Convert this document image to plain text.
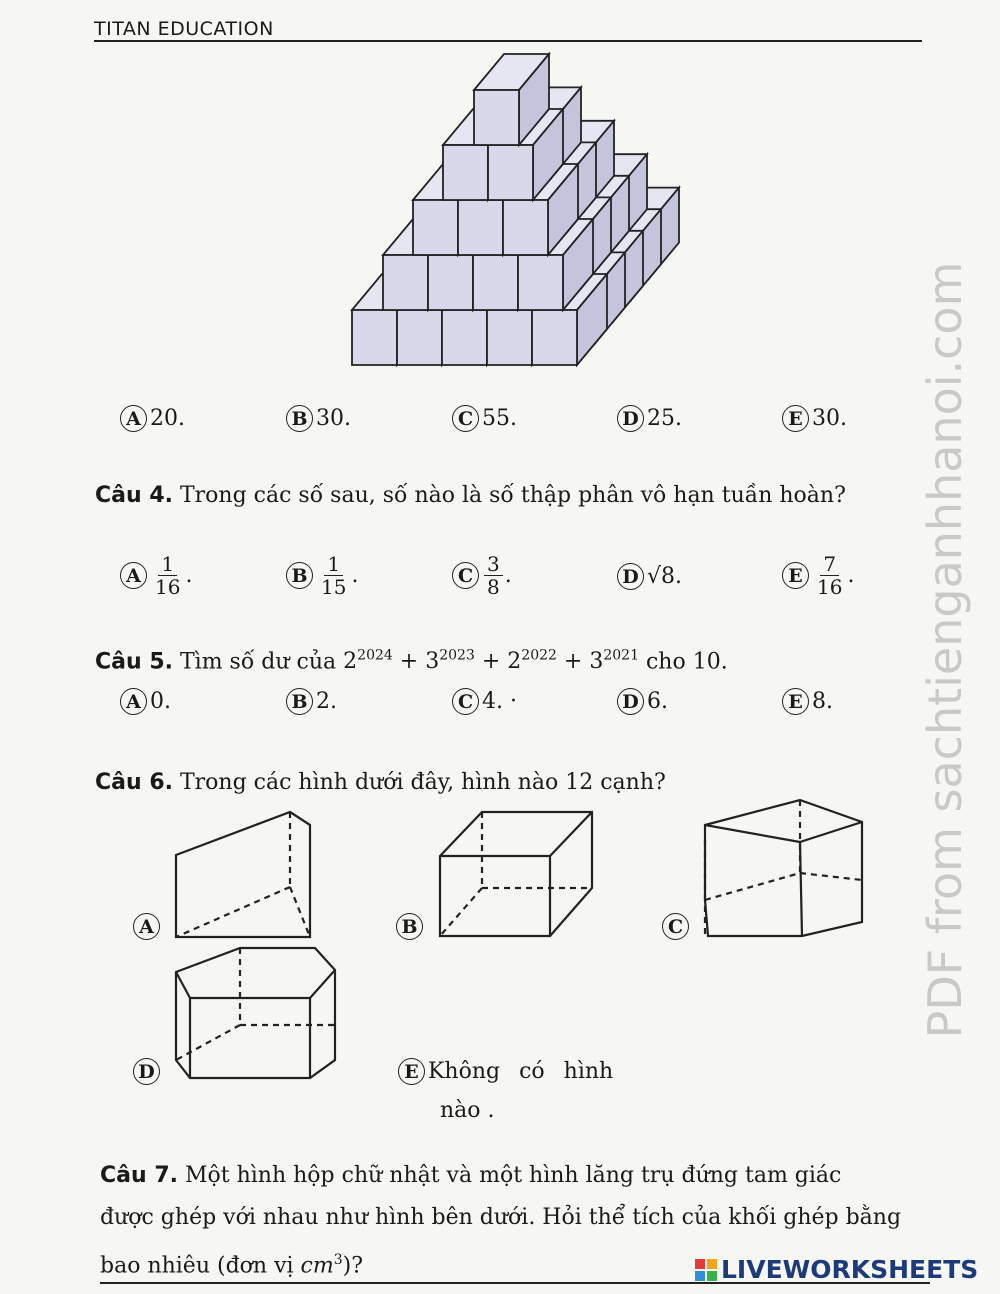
TITAN EDUCATION
PDF from sachtienganhhanoi.com
Câu 4. Trong các số sau, số nào là số thập phân vô hạn tuần hoàn?
A $\frac{1}{16}$ .	B $\frac{1}{15}$ .	C $\frac{3}{8}$ .	D √8.	E $\frac{7}{16}$ .
Câu 5. Tìm số dư của $2^{2024} + 3^{2023} + 2^{2022} + 3^{2021}$ cho 10.
Câu 6. Trong các hình dưới đây, hình nào 12 cạnh?
A	B	C
D	E Không có hình
nào .
Câu 7. Một hình hộp chữ nhật và một hình lăng trụ đứng tam giác
được ghép với nhau như hình bên dưới. Hỏi thể tích của khối ghép bằng
bao nhiêu (đơn vị $cm^3$)?	LIVEWORKSHEETS
A 20.	B 30.	C 55.	D 25.	E 30.
A 0.	B 2.	C 4. ·	D 6.	E 8.
